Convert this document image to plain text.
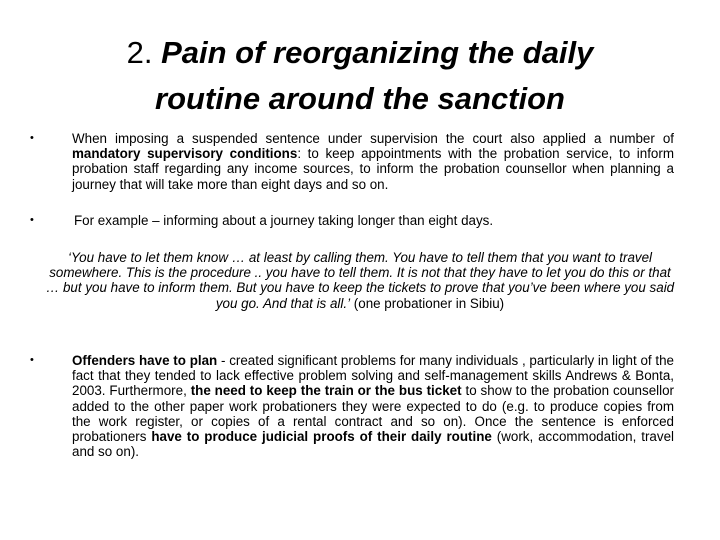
2. Pain of reorganizing the daily
routine around the sanction
•	When imposing a suspended sentence under supervision the court also applied a number of mandatory supervisory conditions: to keep appointments with the probation service, to inform probation staff regarding any income sources, to inform the probation counsellor when planning a journey that will take more than eight days and so on.
•	For example – informing about a journey taking longer than eight days.
‘You have to let them know … at least by calling them. You have to tell them that you want to travel somewhere. This is the procedure .. you have to tell them. It is not that they have to let you do this or that … but you have to inform them. But you have to keep the tickets to prove that you’ve been where you said you go. And that is all.’ (one probationer in Sibiu)
•	Offenders have to plan - created significant problems for many individuals , particularly in light of the fact that they tended to lack effective problem solving and self-management skills Andrews & Bonta, 2003. Furthermore, the need to keep the train or the bus ticket to show to the probation counsellor added to the other paper work probationers they were expected to do (e.g. to produce copies from the work register, or copies of a rental contract and so on). Once the sentence is enforced probationers have to produce judicial proofs of their daily routine (work, accommodation, travel and so on).
